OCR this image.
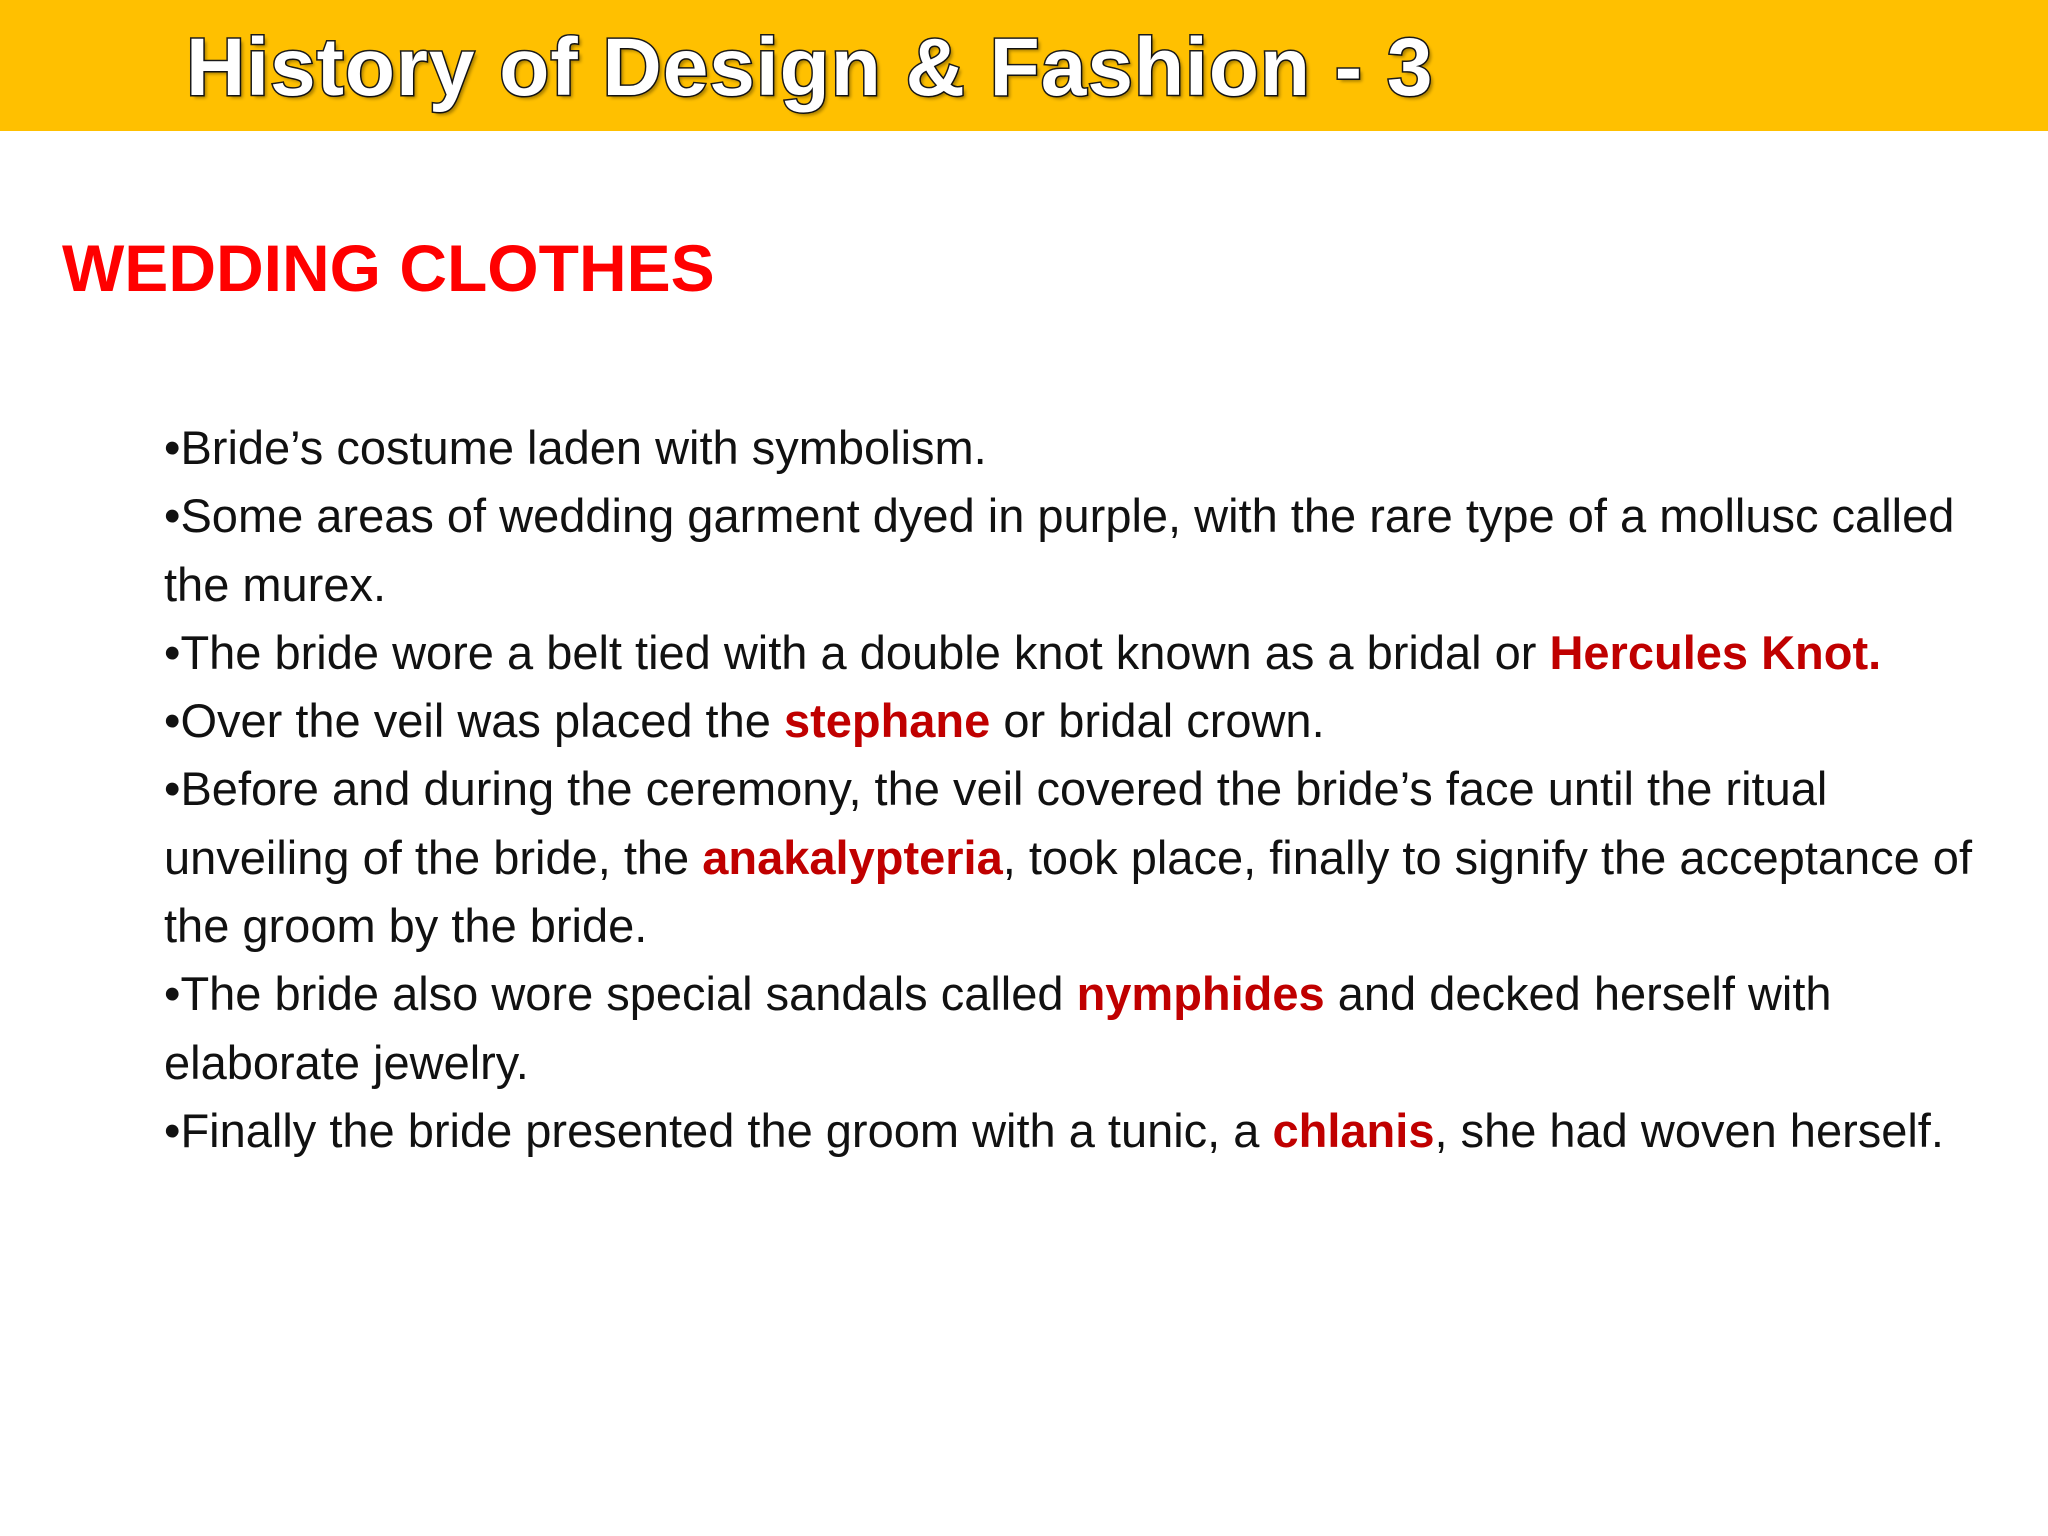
History of Design & Fashion - 3
WEDDING CLOTHES
•Bride’s costume laden with symbolism.
•Some areas of wedding garment dyed in purple, with the rare type of a mollusc called the murex.
•The bride wore a belt tied with a double knot known as a bridal or Hercules Knot.
•Over the veil was placed the stephane or bridal crown.
•Before and during the ceremony, the veil covered the bride’s face until the ritual unveiling of the bride, the anakalypteria, took place, finally to signify the acceptance of the groom by the bride.
•The bride also wore special sandals called nymphides and decked herself with elaborate jewelry.
•Finally the bride presented the groom with a tunic, a chlanis, she had woven herself.
